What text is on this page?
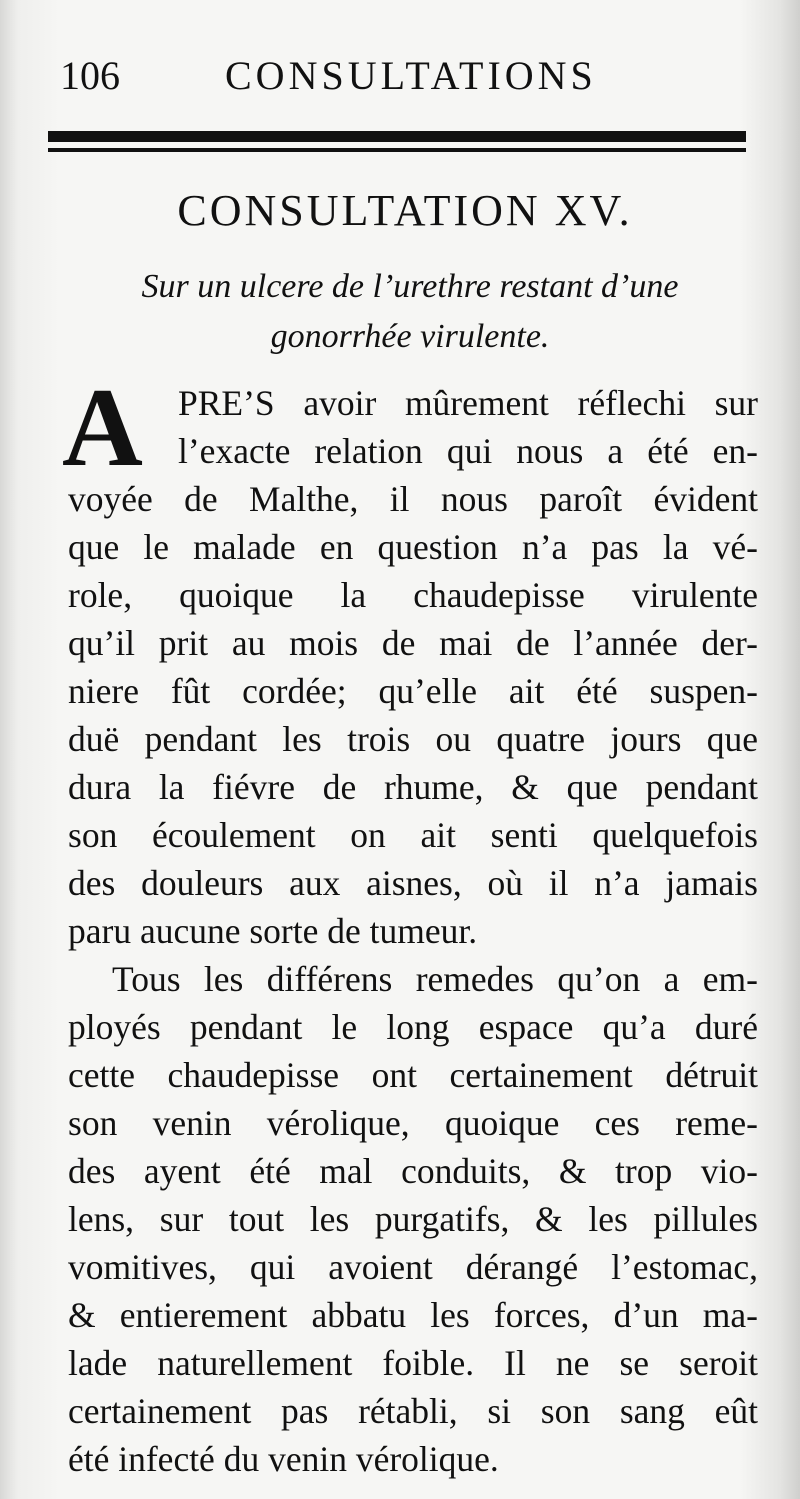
106	CONSULTATIONS
CONSULTATION XV.
Sur un ulcere de l’urethre restant d’une
gonorrhée virulente.
A PRE’S avoir mûrement réflechi sur
l’exacte relation qui nous a été en-
voyée de Malthe, il nous paroît évident
que le malade en question n’a pas la vé-
role, quoique la chaudepisse virulente
qu’il prit au mois de mai de l’année der-
niere fût cordée; qu’elle ait été suspen-
duë pendant les trois ou quatre jours que
dura la fiévre de rhume, & que pendant
son écoulement on ait senti quelquefois
des douleurs aux aisnes, où il n’a jamais
paru aucune sorte de tumeur.
Tous les différens remedes qu’on a em-
ployés pendant le long espace qu’a duré
cette chaudepisse ont certainement détruit
son venin vérolique, quoique ces reme-
des ayent été mal conduits, & trop vio-
lens, sur tout les purgatifs, & les pillules
vomitives, qui avoient dérangé l’estomac,
& entierement abbatu les forces, d’un ma-
lade naturellement foible. Il ne se seroit
certainement pas rétabli, si son sang eût
été infecté du venin vérolique.
